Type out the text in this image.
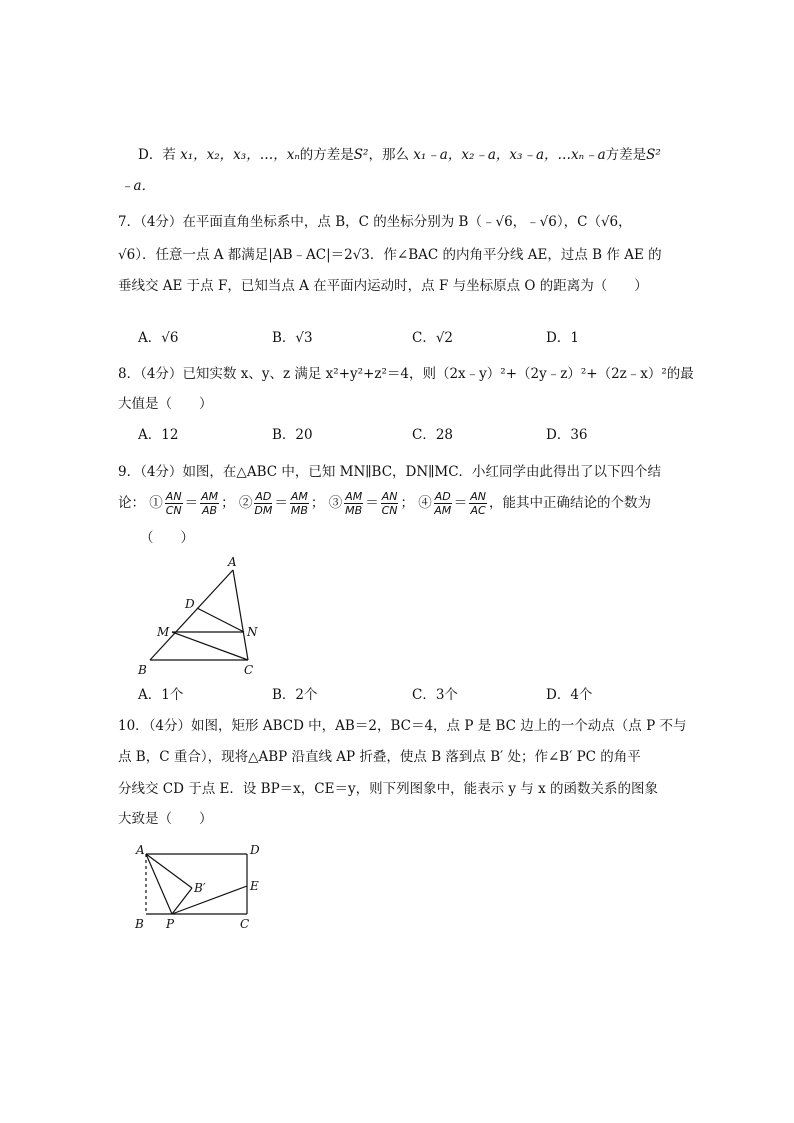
D．若 x₁，x₂，x₃，…，xₙ的方差是S²，那么 x₁﹣a，x₂﹣a，x₃﹣a，…xₙ﹣a方差是S²
﹣a．
7．（4分）在平面直角坐标系中，点 B，C 的坐标分别为 B（﹣√6，﹣√6），C（√6，
√6）．任意一点 A 都满足|AB﹣AC|＝2√3．作∠BAC 的内角平分线 AE，过点 B 作 AE 的
垂线交 AE 于点 F，已知当点 A 在平面内运动时，点 F 与坐标原点 O 的距离为（　　）
A．√6	B．√3	C．√2	D．1
8．（4分）已知实数 x、y、z 满足 x²+y²+z²＝4，则（2x﹣y）²+（2y﹣z）²+（2z﹣x）²的最
大值是（　　）
A．12	B．20	C．28	D．36
9．（4分）如图，在△ABC 中，已知 MN∥BC，DN∥MC．小红同学由此得出了以下四个结
论： ① $\frac{AN}{CN} = \frac{AM}{AB}$ ； ② $\frac{AD}{DM} = \frac{AM}{MB}$ ； ③ $\frac{AM}{MB} = \frac{AN}{CN}$ ； ④ $\frac{AD}{AM} = \frac{AN}{AC}$ ，能其中正确结论的个数为
（　　）
A
B	C
D
M	N
A．1个	B．2个	C．3个	D．4个
10．（4分）如图，矩形 ABCD 中，AB＝2，BC＝4，点 P 是 BC 边上的一个动点（点 P 不与
点 B，C 重合），现将△ABP 沿直线 AP 折叠，使点 B 落到点 B′ 处；作∠B′ PC 的角平
分线交 CD 于点 E．设 BP＝x，CE＝y，则下列图象中，能表示 y 与 x 的函数关系的图象
大致是（　　）
A	D
B P	C
E
B′
